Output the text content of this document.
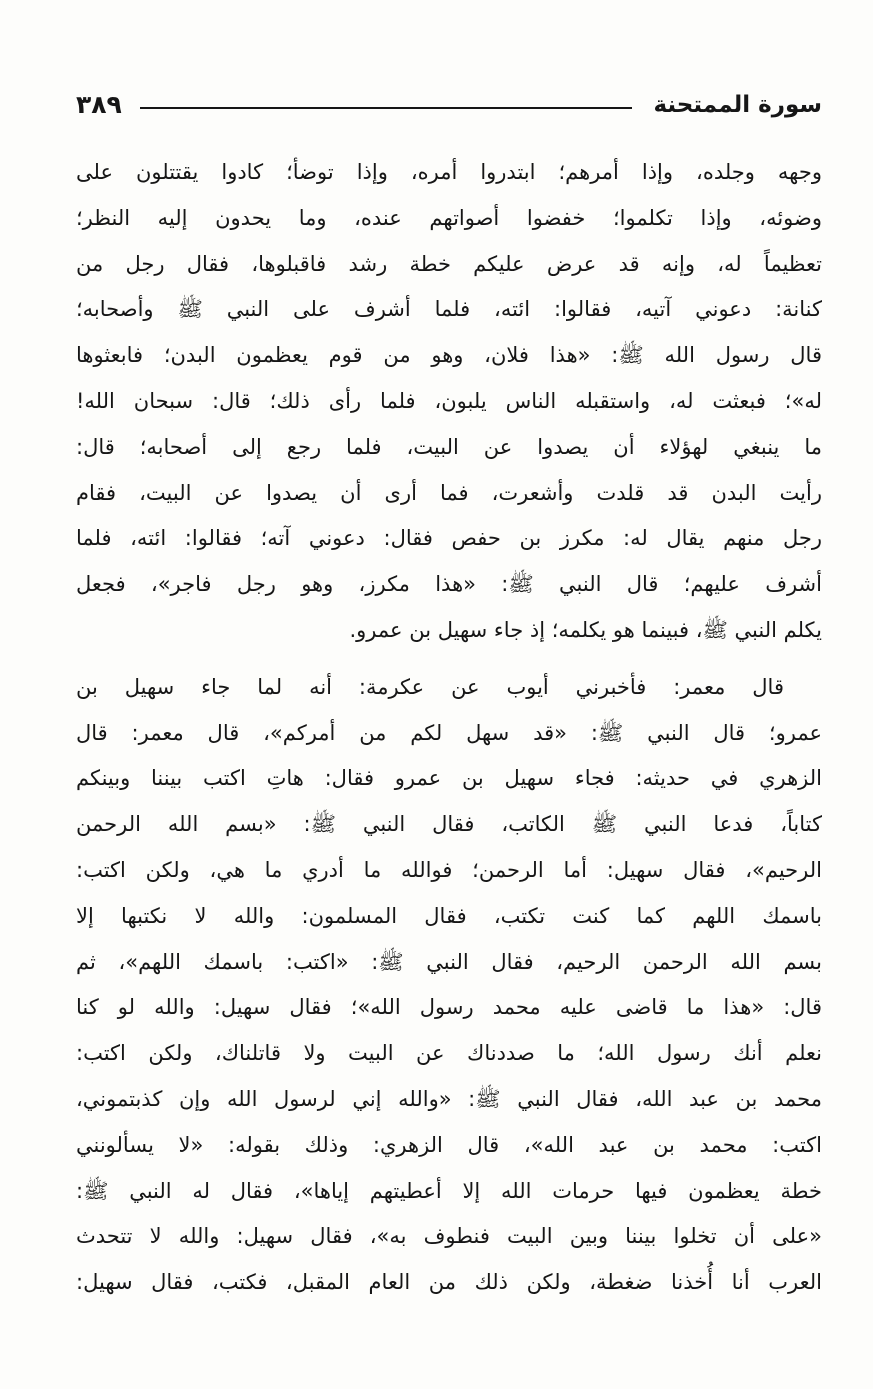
سورة الممتحنة
٣٨٩
وجهه وجلده، وإذا أمرهم؛ ابتدروا أمره، وإذا توضأ؛ كادوا يقتتلون على
وضوئه، وإذا تكلموا؛ خفضوا أصواتهم عنده، وما يحدون إليه النظر؛
تعظيماً له، وإنه قد عرض عليكم خطة رشد فاقبلوها، فقال رجل من
كنانة: دعوني آتيه، فقالوا: ائته، فلما أشرف على النبي ﷺ وأصحابه؛
قال رسول الله ﷺ: «هذا فلان، وهو من قوم يعظمون البدن؛ فابعثوها
له»؛ فبعثت له، واستقبله الناس يلبون، فلما رأى ذلك؛ قال: سبحان الله!
ما ينبغي لهؤلاء أن يصدوا عن البيت، فلما رجع إلى أصحابه؛ قال:
رأيت البدن قد قلدت وأشعرت، فما أرى أن يصدوا عن البيت، فقام
رجل منهم يقال له: مكرز بن حفص فقال: دعوني آته؛ فقالوا: ائته، فلما
أشرف عليهم؛ قال النبي ﷺ: «هذا مكرز، وهو رجل فاجر»، فجعل
يكلم النبي ﷺ، فبينما هو يكلمه؛ إذ جاء سهيل بن عمرو.
قال معمر: فأخبرني أيوب عن عكرمة: أنه لما جاء سهيل بن
عمرو؛ قال النبي ﷺ: «قد سهل لكم من أمركم»، قال معمر: قال
الزهري في حديثه: فجاء سهيل بن عمرو فقال: هاتِ اكتب بيننا وبينكم
كتاباً، فدعا النبي ﷺ الكاتب، فقال النبي ﷺ: «بسم الله الرحمن
الرحيم»، فقال سهيل: أما الرحمن؛ فوالله ما أدري ما هي، ولكن اكتب:
باسمك اللهم كما كنت تكتب، فقال المسلمون: والله لا نكتبها إلا
بسم الله الرحمن الرحيم، فقال النبي ﷺ: «اكتب: باسمك اللهم»، ثم
قال: «هذا ما قاضى عليه محمد رسول الله»؛ فقال سهيل: والله لو كنا
نعلم أنك رسول الله؛ ما صددناك عن البيت ولا قاتلناك، ولكن اكتب:
محمد بن عبد الله، فقال النبي ﷺ: «والله إني لرسول الله وإن كذبتموني،
اكتب: محمد بن عبد الله»، قال الزهري: وذلك بقوله: «لا يسألونني
خطة يعظمون فيها حرمات الله إلا أعطيتهم إياها»، فقال له النبي ﷺ:
«على أن تخلوا بيننا وبين البيت فنطوف به»، فقال سهيل: والله لا تتحدث
العرب أنا أُخذنا ضغطة، ولكن ذلك من العام المقبل، فكتب، فقال سهيل:
